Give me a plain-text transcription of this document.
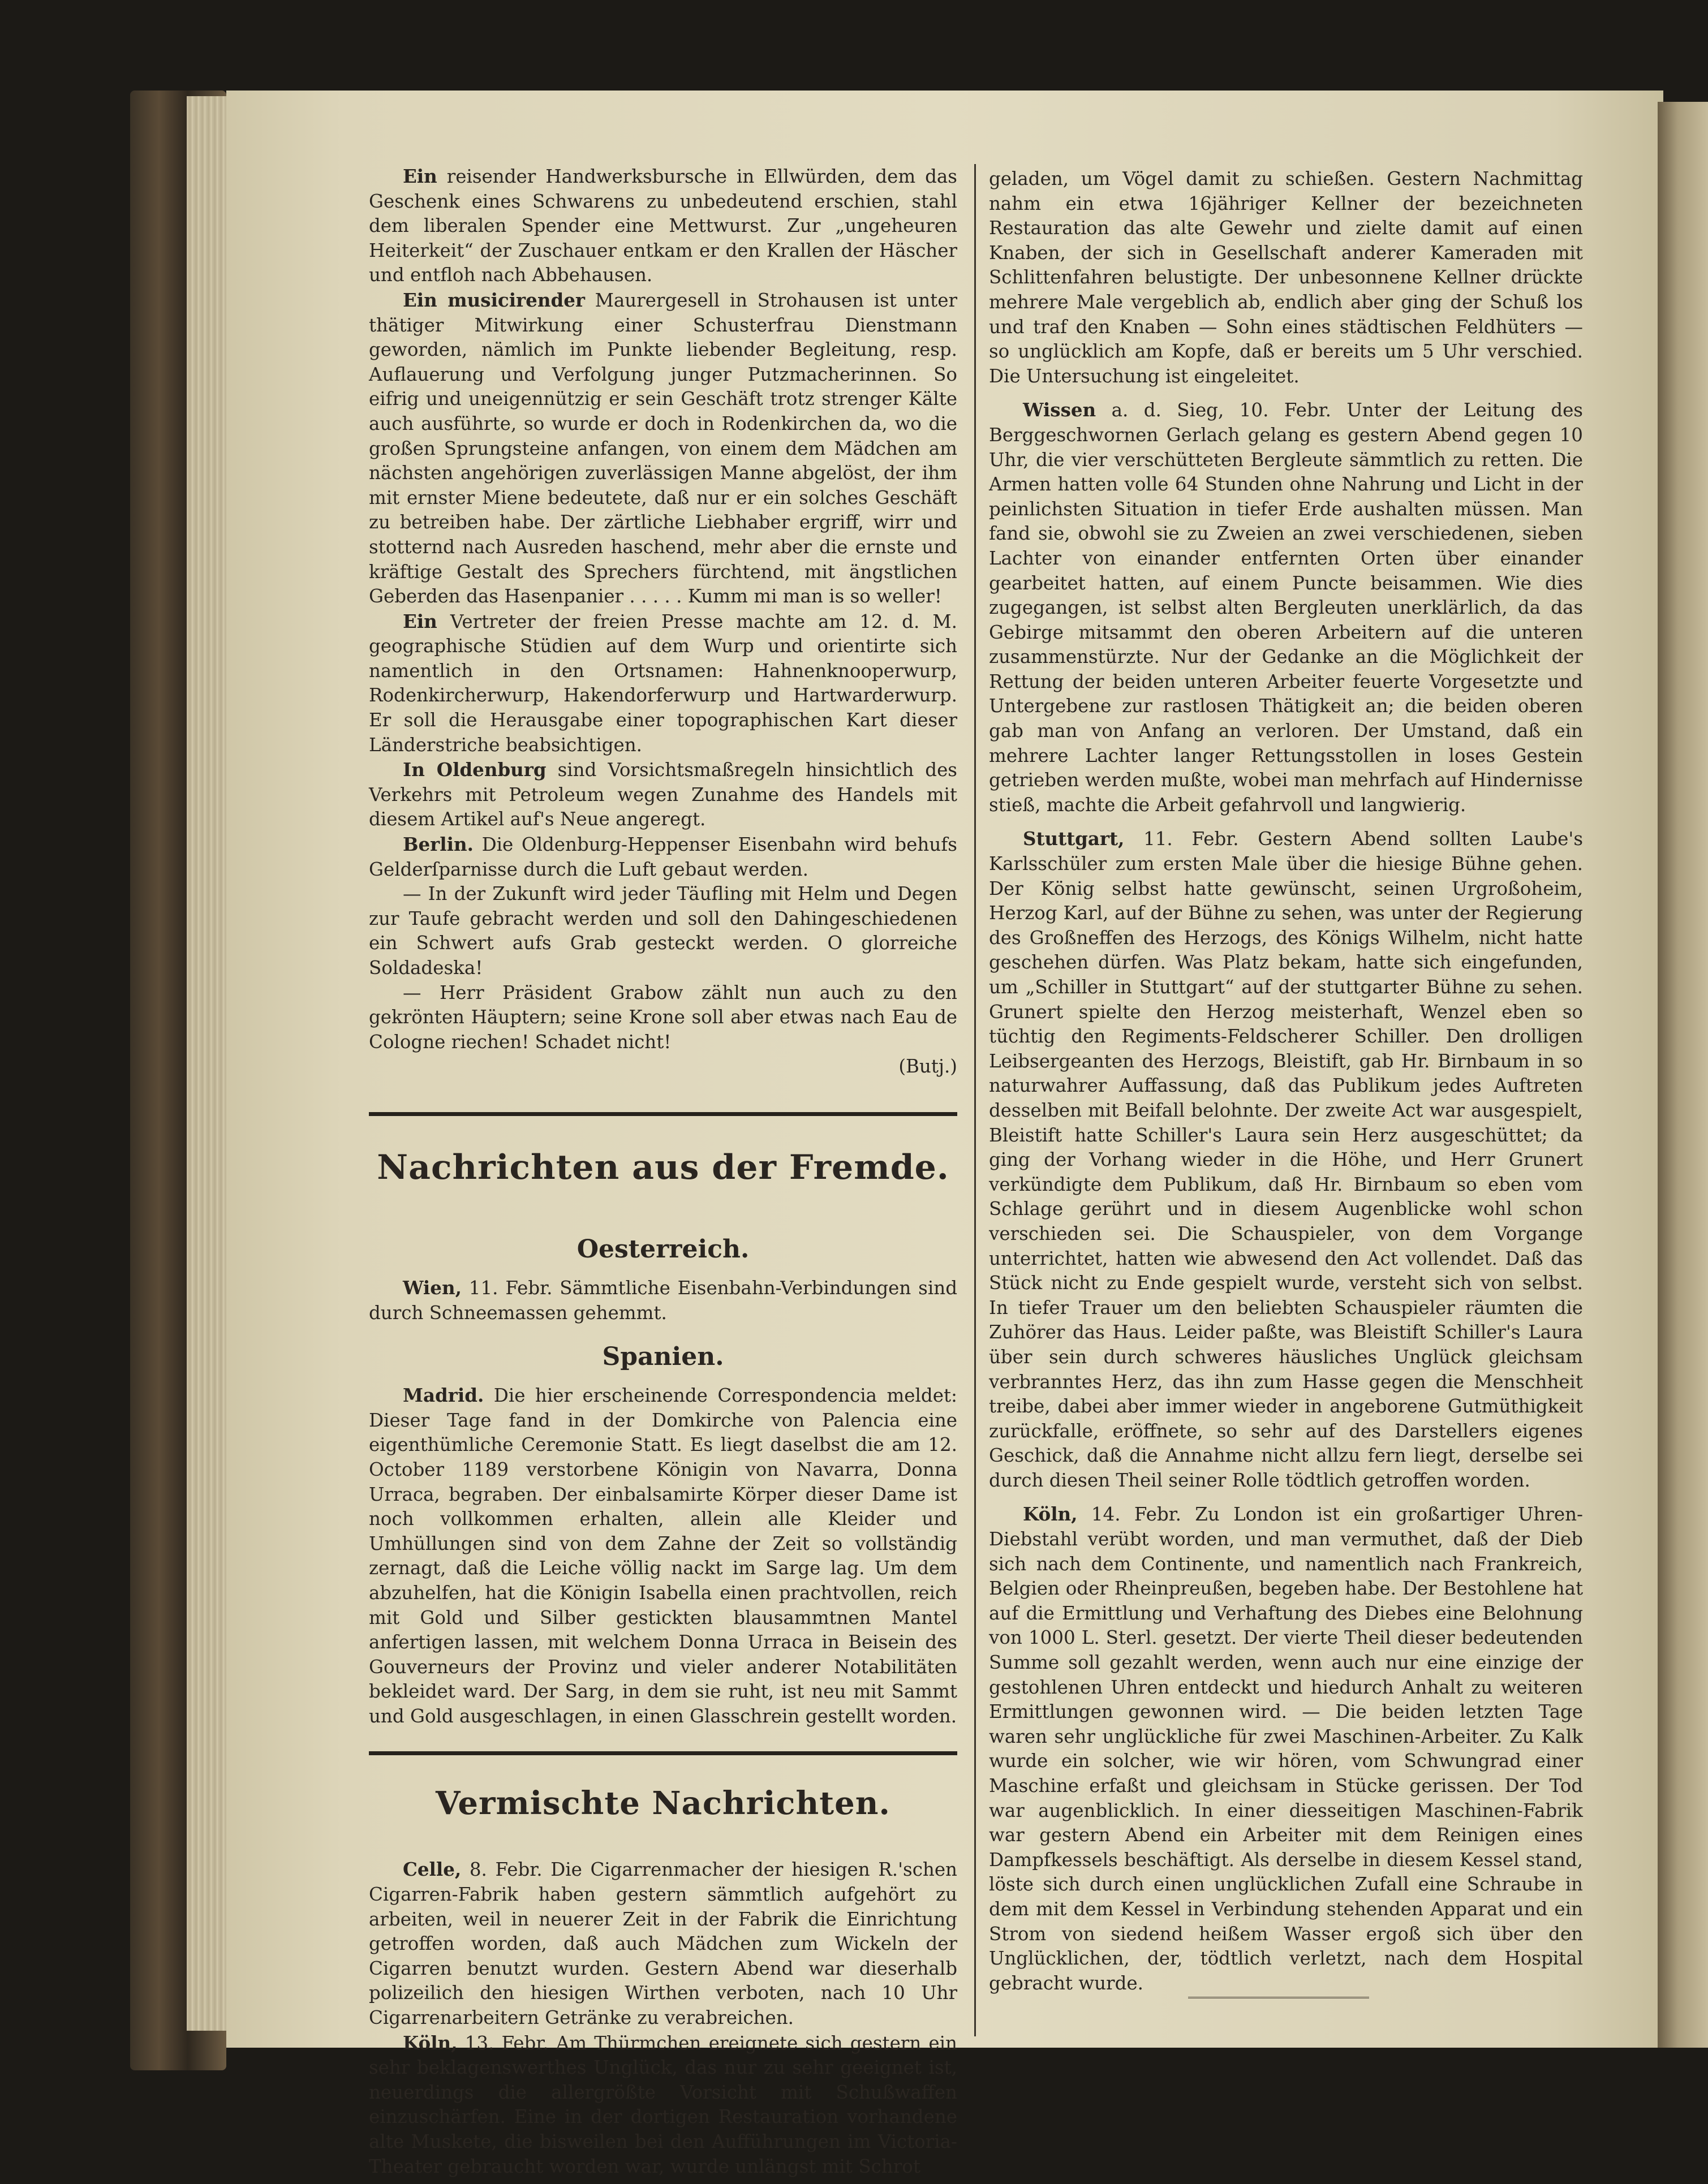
Ein reisender Handwerksbursche in Ellwürden, dem das Geschenk eines Schwarens zu unbedeutend erschien, stahl dem liberalen Spender eine Mettwurst. Zur „ungeheuren Heiterkeit“ der Zuschauer entkam er den Krallen der Häscher und entfloh nach Abbehausen.

Ein musicirender Maurergesell in Strohausen ist unter thätiger Mitwirkung einer Schusterfrau Dienstmann geworden, nämlich im Punkte liebender Begleitung, resp. Auflauerung und Verfolgung junger Putzmacherinnen. So eifrig und uneigennützig er sein Geschäft trotz strenger Kälte auch ausführte, so wurde er doch in Rodenkirchen da, wo die großen Sprungsteine anfangen, von einem dem Mädchen am nächsten angehörigen zuverlässigen Manne abgelöst, der ihm mit ernster Miene bedeutete, daß nur er ein solches Geschäft zu betreiben habe. Der zärtliche Liebhaber ergriff, wirr und stotternd nach Ausreden haschend, mehr aber die ernste und kräftige Gestalt des Sprechers fürchtend, mit ängstlichen Geberden das Hasenpanier . . . . . Kumm mi man is so weller!

Ein Vertreter der freien Presse machte am 12. d. M. geographische Stüdien auf dem Wurp und orientirte sich namentlich in den Ortsnamen: Hahnenknooperwurp, Rodenkircherwurp, Hakendorferwurp und Hartwarderwurp. Er soll die Herausgabe einer topographischen Kart dieser Länderstriche beabsichtigen.

In Oldenburg sind Vorsichtsmaßregeln hinsichtlich des Verkehrs mit Petroleum wegen Zunahme des Handels mit diesem Artikel auf's Neue angeregt.

Berlin. Die Oldenburg-Heppenser Eisenbahn wird behufs Gelderſparnisse durch die Luft gebaut werden.

— In der Zukunft wird jeder Täufling mit Helm und Degen zur Taufe gebracht werden und soll den Dahingeschiedenen ein Schwert aufs Grab gesteckt werden. O glorreiche Soldadeska!

— Herr Präsident Grabow zählt nun auch zu den gekrönten Häuptern; seine Krone soll aber etwas nach Eau de Cologne riechen! Schadet nicht!

(Butj.)

Nachrichten aus der Fremde.
Oesterreich.

Wien, 11. Febr. Sämmtliche Eisenbahn-Verbindungen sind durch Schneemassen gehemmt.

Spanien.

Madrid. Die hier erscheinende Correspondencia meldet: Dieser Tage fand in der Domkirche von Palencia eine eigenthümliche Ceremonie Statt. Es liegt daselbst die am 12. October 1189 verstorbene Königin von Navarra, Donna Urraca, begraben. Der einbalsamirte Körper dieser Dame ist noch vollkommen erhalten, allein alle Kleider und Umhüllungen sind von dem Zahne der Zeit so vollständig zernagt, daß die Leiche völlig nackt im Sarge lag. Um dem abzuhelfen, hat die Königin Isabella einen prachtvollen, reich mit Gold und Silber gestickten blausammtnen Mantel anfertigen lassen, mit welchem Donna Urraca in Beisein des Gouverneurs der Provinz und vieler anderer Notabilitäten bekleidet ward. Der Sarg, in dem sie ruht, ist neu mit Sammt und Gold ausgeschlagen, in einen Glasschrein gestellt worden.

Vermischte Nachrichten.

Celle, 8. Febr. Die Cigarrenmacher der hiesigen R.'schen Cigarren-Fabrik haben gestern sämmtlich aufgehört zu arbeiten, weil in neuerer Zeit in der Fabrik die Einrichtung getroffen worden, daß auch Mädchen zum Wickeln der Cigarren benutzt wurden. Gestern Abend war dieserhalb polizeilich den hiesigen Wirthen verboten, nach 10 Uhr Cigarrenarbeitern Getränke zu verabreichen.

Köln, 13. Febr. Am Thürmchen ereignete sich gestern ein sehr beklagenswerthes Unglück, das nur zu sehr geeignet ist, neuerdings die allergrößte Vorsicht mit Schußwaffen einzuschärfen. Eine in der dortigen Restauration vorhandene alte Muskete, die bisweilen bei den Aufführungen im Victoria-Theater gebraucht worden war, wurde unlängst mit Schrot

geladen, um Vögel damit zu schießen. Gestern Nachmittag nahm ein etwa 16jähriger Kellner der bezeichneten Restauration das alte Gewehr und zielte damit auf einen Knaben, der sich in Gesellschaft anderer Kameraden mit Schlittenfahren belustigte. Der unbesonnene Kellner drückte mehrere Male vergeblich ab, endlich aber ging der Schuß los und traf den Knaben — Sohn eines städtischen Feldhüters — so unglücklich am Kopfe, daß er bereits um 5 Uhr verschied. Die Untersuchung ist eingeleitet.

Wissen a. d. Sieg, 10. Febr. Unter der Leitung des Berggeschwornen Gerlach gelang es gestern Abend gegen 10 Uhr, die vier verschütteten Bergleute sämmtlich zu retten. Die Armen hatten volle 64 Stunden ohne Nahrung und Licht in der peinlichsten Situation in tiefer Erde aushalten müssen. Man fand sie, obwohl sie zu Zweien an zwei verschiedenen, sieben Lachter von einander entfernten Orten über einander gearbeitet hatten, auf einem Puncte beisammen. Wie dies zugegangen, ist selbst alten Bergleuten unerklärlich, da das Gebirge mitsammt den oberen Arbeitern auf die unteren zusammenstürzte. Nur der Gedanke an die Möglichkeit der Rettung der beiden unteren Arbeiter feuerte Vorgesetzte und Untergebene zur rastlosen Thätigkeit an; die beiden oberen gab man von Anfang an verloren. Der Umstand, daß ein mehrere Lachter langer Rettungsstollen in loses Gestein getrieben werden mußte, wobei man mehrfach auf Hindernisse stieß, machte die Arbeit gefahrvoll und langwierig.

Stuttgart, 11. Febr. Gestern Abend sollten Laube's Karlsschüler zum ersten Male über die hiesige Bühne gehen. Der König selbst hatte gewünscht, seinen Urgroßoheim, Herzog Karl, auf der Bühne zu sehen, was unter der Regierung des Großneffen des Herzogs, des Königs Wilhelm, nicht hatte geschehen dürfen. Was Platz bekam, hatte sich eingefunden, um „Schiller in Stuttgart“ auf der stuttgarter Bühne zu sehen. Grunert spielte den Herzog meisterhaft, Wenzel eben so tüchtig den Regiments-Feldscherer Schiller. Den drolligen Leibsergeanten des Herzogs, Bleistift, gab Hr. Birnbaum in so naturwahrer Auffassung, daß das Publikum jedes Auftreten desselben mit Beifall belohnte. Der zweite Act war ausgespielt, Bleistift hatte Schiller's Laura sein Herz ausgeschüttet; da ging der Vorhang wieder in die Höhe, und Herr Grunert verkündigte dem Publikum, daß Hr. Birnbaum so eben vom Schlage gerührt und in diesem Augenblicke wohl schon verschieden sei. Die Schauspieler, von dem Vorgange unterrichtet, hatten wie abwesend den Act vollendet. Daß das Stück nicht zu Ende gespielt wurde, versteht sich von selbst. In tiefer Trauer um den beliebten Schauspieler räumten die Zuhörer das Haus. Leider paßte, was Bleistift Schiller's Laura über sein durch schweres häusliches Unglück gleichsam verbranntes Herz, das ihn zum Hasse gegen die Menschheit treibe, dabei aber immer wieder in angeborene Gutmüthigkeit zurückfalle, eröffnete, so sehr auf des Darstellers eigenes Geschick, daß die Annahme nicht allzu fern liegt, derselbe sei durch diesen Theil seiner Rolle tödtlich getroffen worden.

Köln, 14. Febr. Zu London ist ein großartiger Uhren-Diebstahl verübt worden, und man vermuthet, daß der Dieb sich nach dem Continente, und namentlich nach Frankreich, Belgien oder Rheinpreußen, begeben habe. Der Bestohlene hat auf die Ermittlung und Verhaftung des Diebes eine Belohnung von 1000 L. Sterl. gesetzt. Der vierte Theil dieser bedeutenden Summe soll gezahlt werden, wenn auch nur eine einzige der gestohlenen Uhren entdeckt und hiedurch Anhalt zu weiteren Ermittlungen gewonnen wird. — Die beiden letzten Tage waren sehr unglückliche für zwei Maschinen-Arbeiter. Zu Kalk wurde ein solcher, wie wir hören, vom Schwungrad einer Maschine erfaßt und gleichsam in Stücke gerissen. Der Tod war augenblicklich. In einer diesseitigen Maschinen-Fabrik war gestern Abend ein Arbeiter mit dem Reinigen eines Dampfkessels beschäftigt. Als derselbe in diesem Kessel stand, löste sich durch einen unglücklichen Zufall eine Schraube in dem mit dem Kessel in Verbindung stehenden Apparat und ein Strom von siedend heißem Wasser ergoß sich über den Unglücklichen, der, tödtlich verletzt, nach dem Hospital gebracht wurde.
